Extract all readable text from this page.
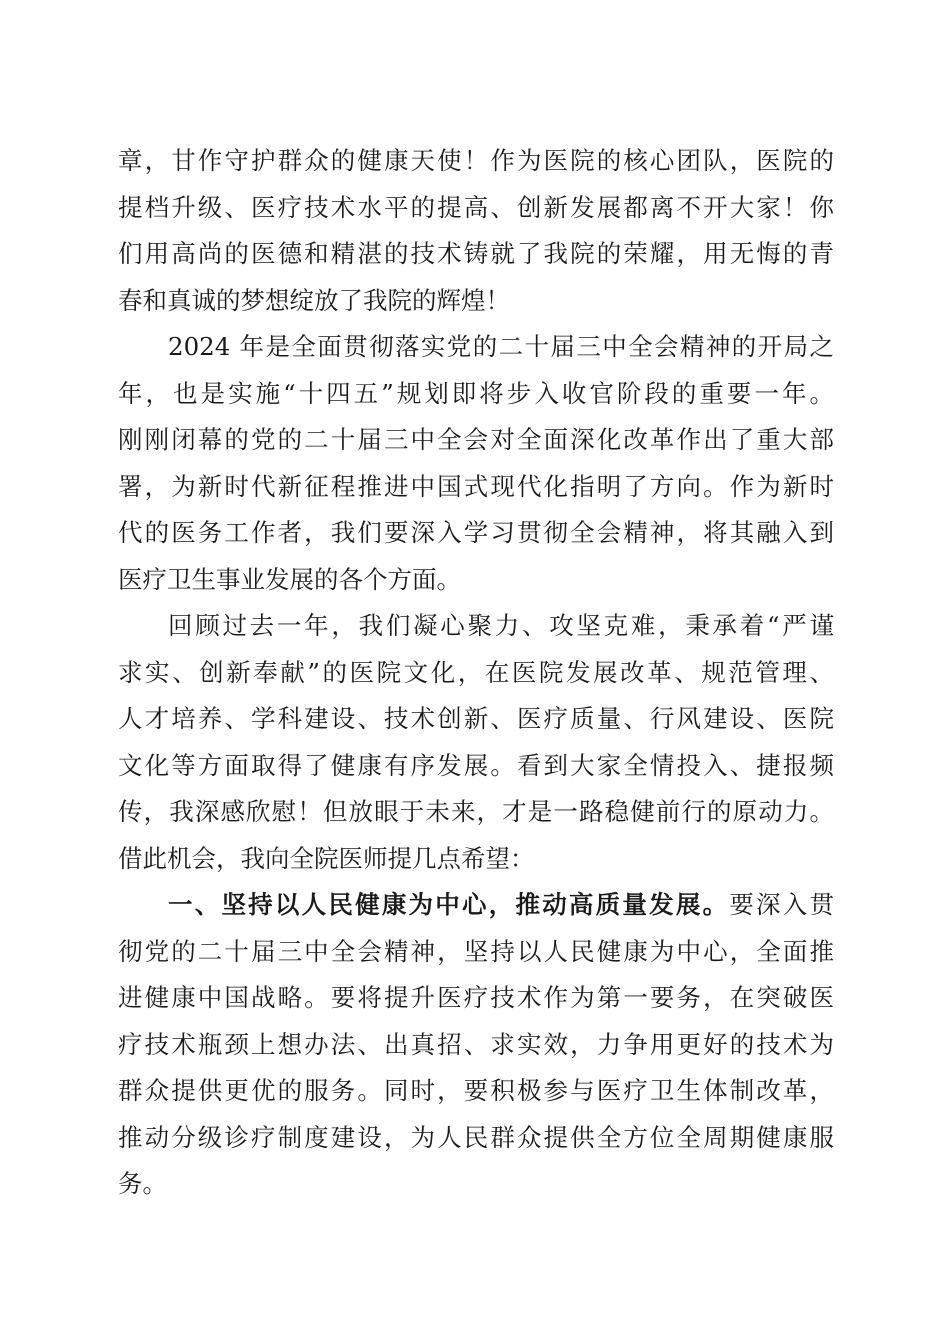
章，甘作守护群众的健康天使！作为医院的核心团队，医院的
提档升级、医疗技术水平的提高、创新发展都离不开大家！你
们用高尚的医德和精湛的技术铸就了我院的荣耀，用无悔的青
春和真诚的梦想绽放了我院的辉煌！
2024 年是全面贯彻落实党的二十届三中全会精神的开局之
年，也是实施“十四五”规划即将步入收官阶段的重要一年。
刚刚闭幕的党的二十届三中全会对全面深化改革作出了重大部
署，为新时代新征程推进中国式现代化指明了方向。作为新时
代的医务工作者，我们要深入学习贯彻全会精神，将其融入到
医疗卫生事业发展的各个方面。
回顾过去一年，我们凝心聚力、攻坚克难，秉承着“严谨
求实、创新奉献”的医院文化，在医院发展改革、规范管理、
人才培养、学科建设、技术创新、医疗质量、行风建设、医院
文化等方面取得了健康有序发展。看到大家全情投入、捷报频
传，我深感欣慰！但放眼于未来，才是一路稳健前行的原动力。
借此机会，我向全院医师提几点希望：
一、坚持以人民健康为中心，推动高质量发展。要深入贯
彻党的二十届三中全会精神，坚持以人民健康为中心，全面推
进健康中国战略。要将提升医疗技术作为第一要务，在突破医
疗技术瓶颈上想办法、出真招、求实效，力争用更好的技术为
群众提供更优的服务。同时，要积极参与医疗卫生体制改革，
推动分级诊疗制度建设，为人民群众提供全方位全周期健康服
务。
